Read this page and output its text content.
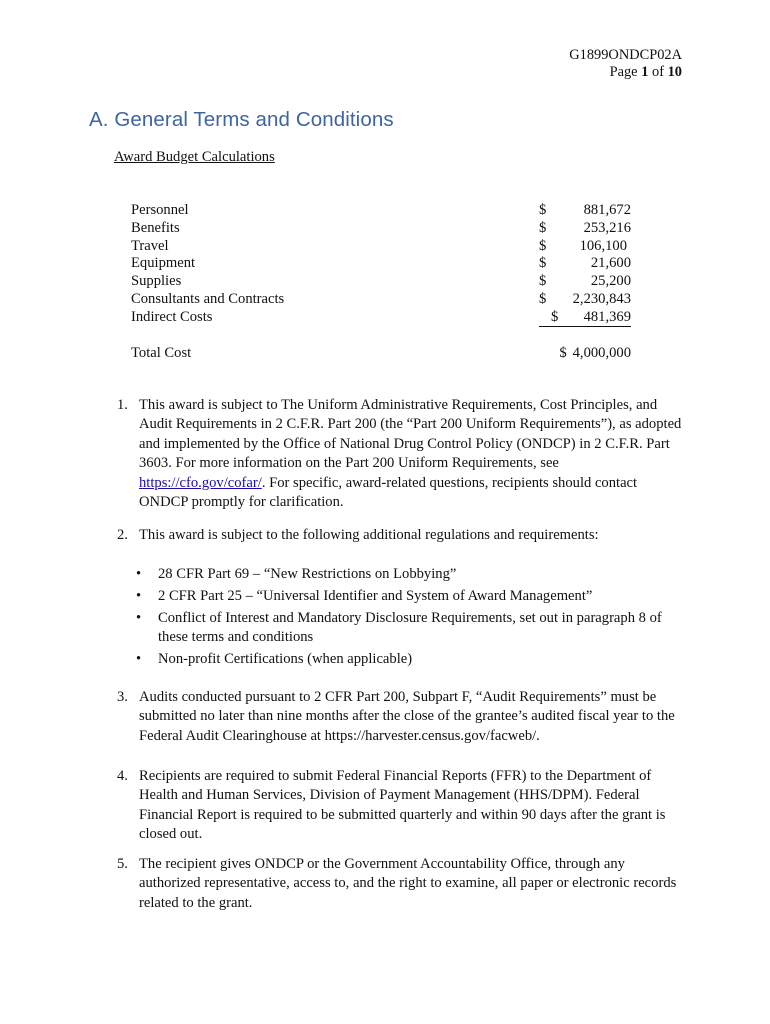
G1899ONDCP02A
Page 1 of 10
A. General Terms and Conditions
Award Budget Calculations
Personnel	$	881,672
Benefits	$	253,216
Travel	$ 106,100
Equipment	$	21,600
Supplies	$	25,200
Consultants and Contracts	$ 2,230,843
Indirect Costs	$ 481,369
Total Cost	$ 4,000,000
1. This award is subject to The Uniform Administrative Requirements, Cost Principles, and Audit Requirements in 2 C.F.R. Part 200 (the “Part 200 Uniform Requirements”), as adopted and implemented by the Office of National Drug Control Policy (ONDCP) in 2 C.F.R. Part 3603. For more information on the Part 200 Uniform Requirements, see https://cfo.gov/cofar/. For specific, award-related questions, recipients should contact ONDCP promptly for clarification.
2. This award is subject to the following additional regulations and requirements:
• 28 CFR Part 69 – “New Restrictions on Lobbying”
• 2 CFR Part 25 – “Universal Identifier and System of Award Management”
• Conflict of Interest and Mandatory Disclosure Requirements, set out in paragraph 8 of these terms and conditions
• Non-profit Certifications (when applicable)
3. Audits conducted pursuant to 2 CFR Part 200, Subpart F, “Audit Requirements” must be submitted no later than nine months after the close of the grantee’s audited fiscal year to the Federal Audit Clearinghouse at https://harvester.census.gov/facweb/.
4. Recipients are required to submit Federal Financial Reports (FFR) to the Department of Health and Human Services, Division of Payment Management (HHS/DPM). Federal Financial Report is required to be submitted quarterly and within 90 days after the grant is closed out.
5. The recipient gives ONDCP or the Government Accountability Office, through any authorized representative, access to, and the right to examine, all paper or electronic records related to the grant.
